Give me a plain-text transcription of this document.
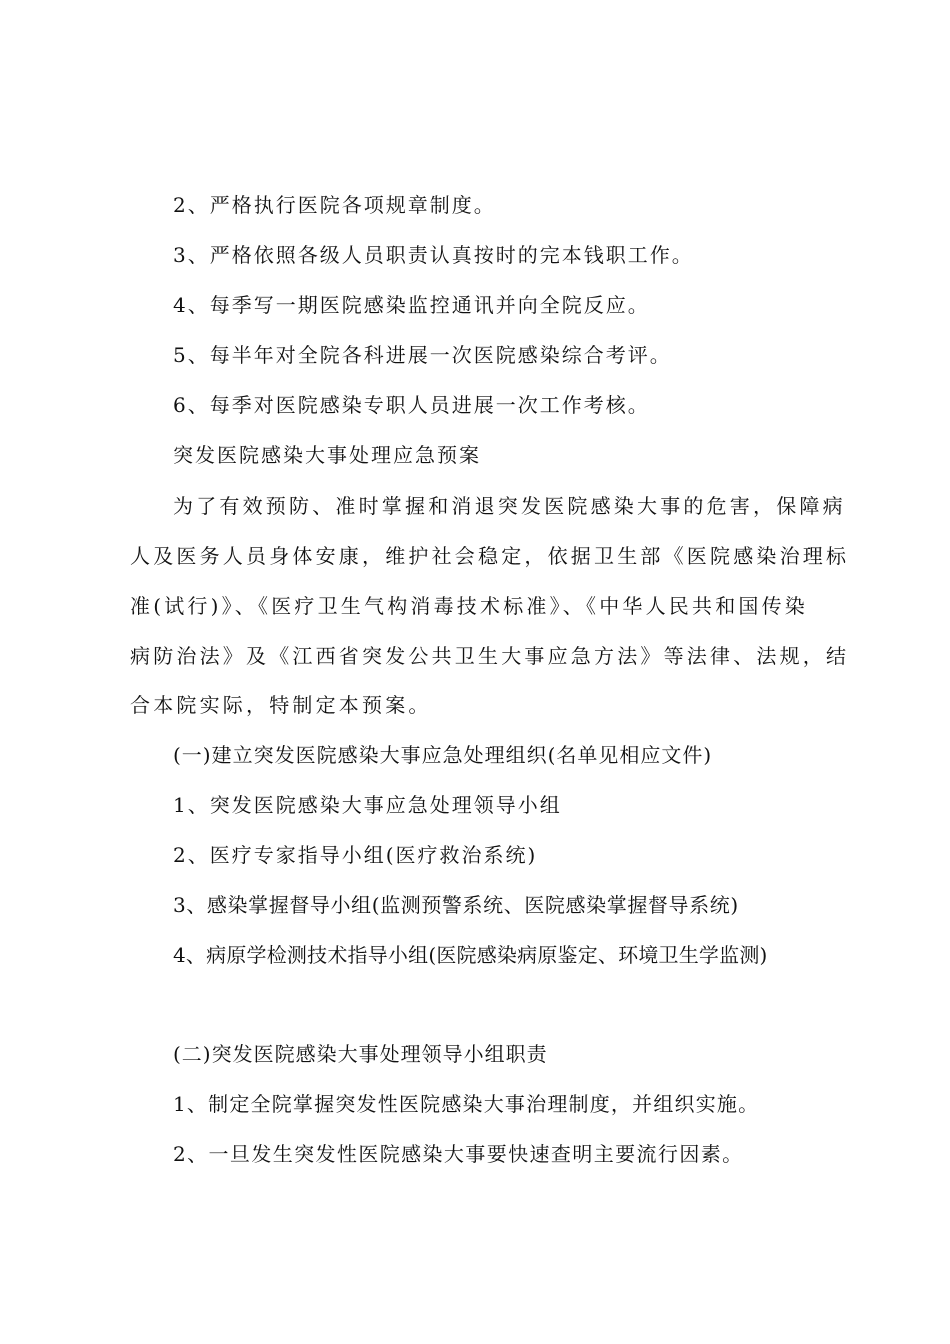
2、严格执行医院各项规章制度。
3、严格依照各级人员职责认真按时的完本钱职工作。
4、每季写一期医院感染监控通讯并向全院反应。
5、每半年对全院各科进展一次医院感染综合考评。
6、每季对医院感染专职人员进展一次工作考核。
突发医院感染大事处理应急预案
为了有效预防、准时掌握和消退突发医院感染大事的危害，保障病
人及医务人员身体安康，维护社会稳定，依据卫生部《医院感染治理标
准(试行)》、《医疗卫生气构消毒技术标准》、《中华人民共和国传染
病防治法》及《江西省突发公共卫生大事应急方法》等法律、法规，结
合本院实际，特制定本预案。
(一)建立突发医院感染大事应急处理组织(名单见相应文件)
1、突发医院感染大事应急处理领导小组
2、医疗专家指导小组(医疗救治系统)
3、感染掌握督导小组(监测预警系统、医院感染掌握督导系统)
4、病原学检测技术指导小组(医院感染病原鉴定、环境卫生学监测)
(二)突发医院感染大事处理领导小组职责
1、制定全院掌握突发性医院感染大事治理制度，并组织实施。
2、一旦发生突发性医院感染大事要快速查明主要流行因素。
